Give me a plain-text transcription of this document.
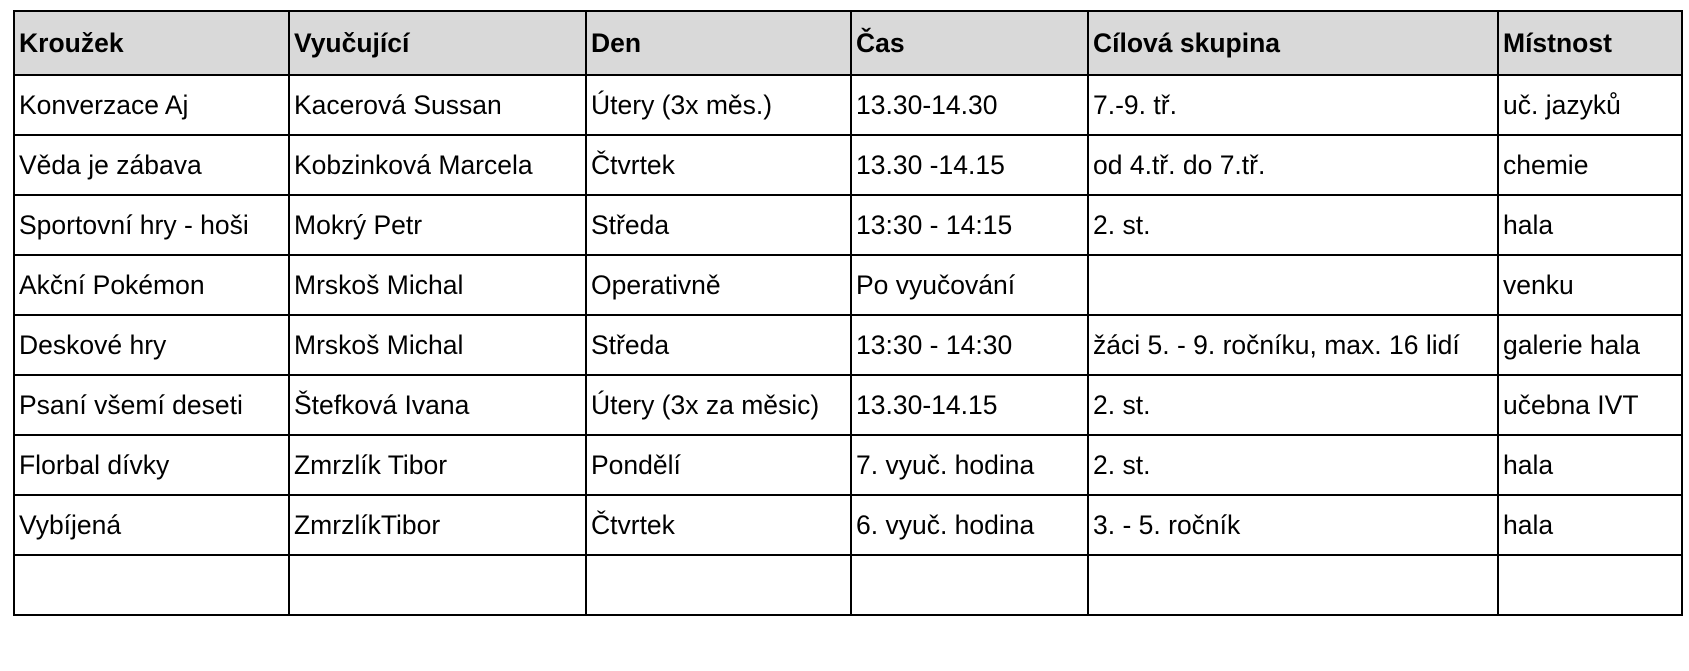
Kroužek	Vyučující	Den	Čas	Cílová skupina	Místnost
Konverzace Aj	Kacerová Sussan	Útery (3x měs.)	13.30-14.30	7.-9. tř.	uč. jazyků
Věda je zábava	Kobzinková Marcela	Čtvrtek	13.30 -14.15	od 4.tř. do 7.tř.	chemie
Sportovní hry - hoši	Mokrý Petr	Středa	13:30 - 14:15	2. st.	hala
Akční Pokémon	Mrskoš Michal	Operativně	Po vyučování		venku
Deskové hry	Mrskoš Michal	Středa	13:30 - 14:30	žáci 5. - 9. ročníku, max. 16 lidí	galerie hala
Psaní všemí deseti	Štefková Ivana	Útery (3x za měsic)	13.30-14.15	2. st.	učebna IVT
Florbal dívky	Zmrzlík Tibor	Pondělí	7. vyuč. hodina	2. st.	hala
Vybíjená	ZmrzlíkTibor	Čtvrtek	6. vyuč. hodina	3. - 5. ročník	hala
